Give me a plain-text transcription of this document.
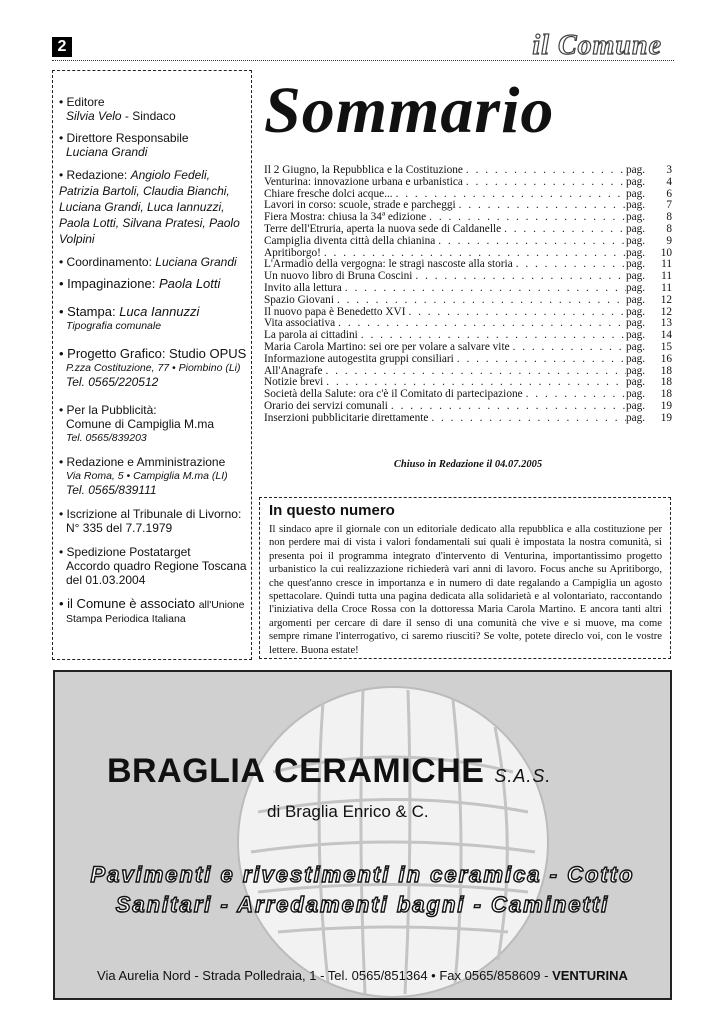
2	il Comune
• Editore
Silvia Velo - Sindaco
• Direttore Responsabile
Luciana Grandi
• Redazione: Angiolo Fedeli, Patrizia Bartoli, Claudia Bianchi, Luciana Grandi, Luca Iannuzzi, Paola Lotti, Silvana Pratesi, Paolo Volpini
• Coordinamento: Luciana Grandi
• Impaginazione: Paola Lotti
• Stampa: Luca Iannuzzi
Tipografia comunale
• Progetto Grafico: Studio OPUS
P.zza Costituzione, 77 • Piombino (Li)
Tel. 0565/220512
• Per la Pubblicità:
Comune di Campiglia M.ma
Tel. 0565/839203
• Redazione e Amministrazione
Via Roma, 5 • Campiglia M.ma (LI)
Tel. 0565/839111
• Iscrizione al Tribunale di Livorno:
N° 335 del 7.7.1979
• Spedizione Postatarget
Accordo quadro Regione Toscana
del 01.03.2004
• il Comune è associato all'Unione
Stampa Periodica Italiana
Sommario
Il 2 Giugno, la Repubblica e la Costituzione . . .	pag.	3
Venturina: innovazione urbana e urbanistica . . .	pag.	4
Chiare fresche dolci acque... . . .	pag.	6
Lavori in corso: scuole, strade e parcheggi . . .	pag.	7
Fiera Mostra: chiusa la 34ª edizione . . .	pag.	8
Terre dell'Etruria, aperta la nuova sede di Caldanelle . . .	pag.	8
Campiglia diventa città della chianina . . .	pag.	9
Apritiborgo! . . .	pag.	10
L'Armadio della vergogna: le stragi nascoste alla storia . . .	pag.	11
Un nuovo libro di Bruna Coscini . . .	pag.	11
Invito alla lettura . . .	pag.	11
Spazio Giovani . . .	pag.	12
Il nuovo papa è Benedetto XVI . . .	pag.	12
Vita associativa . . .	pag.	13
La parola ai cittadini . . .	pag.	14
Maria Carola Martino: sei ore per volare a salvare vite . . .	pag.	15
Informazione autogestita gruppi consiliari . . .	pag.	16
All'Anagrafe . . .	pag.	18
Notizie brevi . . .	pag.	18
Società della Salute: ora c'è il Comitato di partecipazione . . .	pag.	18
Orario dei servizi comunali . . .	pag.	19
Inserzioni pubblicitarie direttamente . . .	pag.	19
Chiuso in Redazione il 04.07.2005
In questo numero

Il sindaco apre il giornale con un editoriale dedicato alla repubblica e alla costituzione per non perdere mai di vista i valori fondamentali sui quali è impostata la nostra comunità, si presenta poi il programma integrato d'intervento di Venturina, importantissimo progetto urbanistico la cui realizzazione richiederà vari anni di lavoro. Focus anche su Apritiborgo, che quest'anno cresce in importanza e in numero di date regalando a Campiglia un agosto spettacolare. Quindi tutta una pagina dedicata alla solidarietà e al volontariato, raccontando l'iniziativa della Croce Rossa con la dottoressa Maria Carola Martino. E ancora tanti altri argomenti per cercare di dare il senso di una comunità che vive e si muove, ma come sempre rimane l'interrogativo, ci saremo riusciti? Se volte, potete direclo voi, con le vostre lettere. Buona estate!

BRAGLIA CERAMICHE S.A.S.
di Braglia Enrico & C.
Pavimenti e rivestimenti in ceramica - Cotto
Sanitari - Arredamenti bagni - Caminetti
Via Aurelia Nord - Strada Polledraia, 1 - Tel. 0565/851364 • Fax 0565/858609 - VENTURINA
